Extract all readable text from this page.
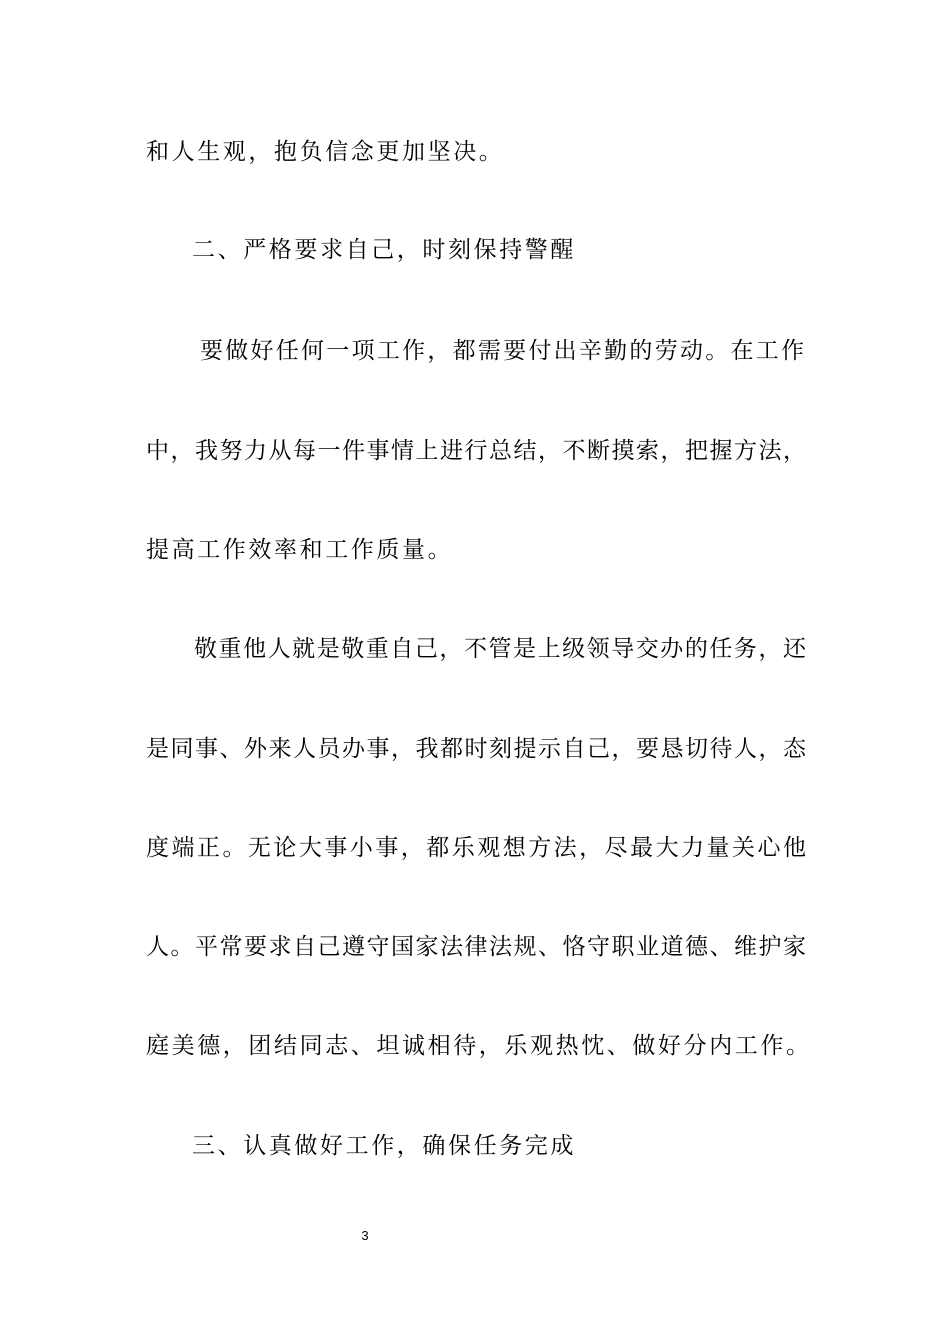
和人生观，抱负信念更加坚决。
二、严格要求自己，时刻保持警醒
要做好任何一项工作，都需要付出辛勤的劳动。在工作
中，我努力从每一件事情上进行总结，不断摸索，把握方法，
提高工作效率和工作质量。
敬重他人就是敬重自己，不管是上级领导交办的任务，还
是同事、外来人员办事，我都时刻提示自己，要恳切待人，态
度端正。无论大事小事，都乐观想方法，尽最大力量关心他
人。平常要求自己遵守国家法律法规、恪守职业道德、维护家
庭美德，团结同志、坦诚相待，乐观热忱、做好分内工作。
三、认真做好工作，确保任务完成
3
